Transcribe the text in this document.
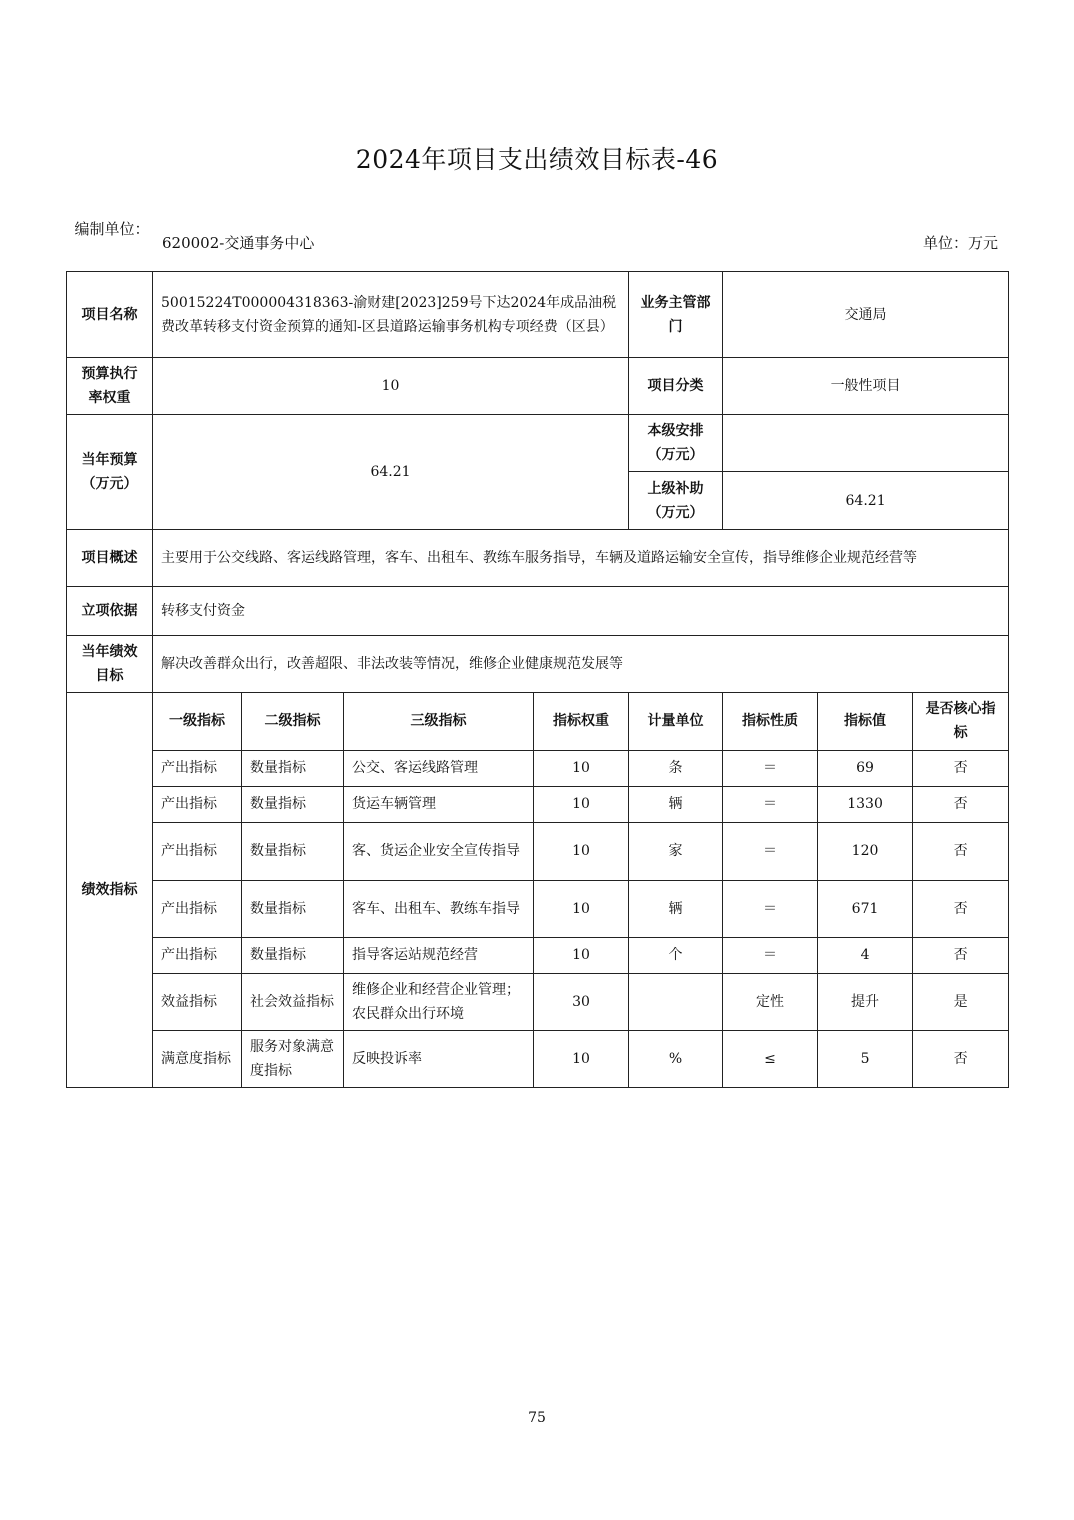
2024年项目支出绩效目标表-46
编制单位：
620002-交通事务中心	单位：万元
项目名称	50015224T000004318363-渝财建[2023]259号下达2024年成品油税费改革转移支付资金预算的通知-区县道路运输事务机构专项经费（区县）				业务主管部门	交通局		
预算执行率权重	10				项目分类	一般性项目		
当年预算（万元）	64.21				本级安排（万元）			
					上级补助（万元）	64.21		
项目概述	主要用于公交线路、客运线路管理，客车、出租车、教练车服务指导，车辆及道路运输安全宣传，指导维修企业规范经营等							
立项依据	转移支付资金							
当年绩效目标	解决改善群众出行，改善超限、非法改装等情况，维修企业健康规范发展等							
绩效指标	一级指标	二级指标	三级指标	指标权重	计量单位	指标性质	指标值	是否核心指标
	产出指标	数量指标	公交、客运线路管理	10	条	＝	69	否
	产出指标	数量指标	货运车辆管理	10	辆	＝	1330	否
	产出指标	数量指标	客、货运企业安全宣传指导	10	家	＝	120	否
	产出指标	数量指标	客车、出租车、教练车指导	10	辆	＝	671	否
	产出指标	数量指标	指导客运站规范经营	10	个	＝	4	否
	效益指标	社会效益指标	维修企业和经营企业管理；农民群众出行环境	30		定性	提升	是
	满意度指标	服务对象满意度指标	反映投诉率	10	%	≤	5	否
75
